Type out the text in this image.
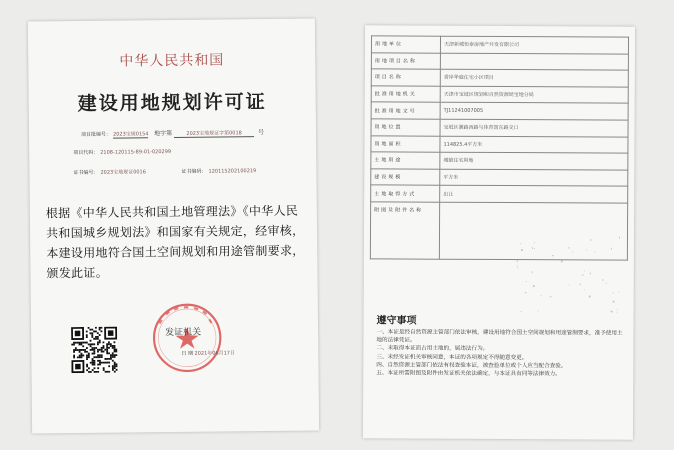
中华人民共和国
建设用地规划许可证
项目批编号： 2023宝规0154 地字第	2023宝地规证字第0018	号
项目代码： 2108-120115-89-01-020299
证书编号： 2023宝地规证0016	证书编码： 120115202100219
根据《中华人民共和国土地管理法》《中华人民共和国城乡规划法》和国家有关规定，经审核，本建设用地符合国土空间规划和用途管制要求，颁发此证。
发证机关
日 期 2021年06月17日
用地单位	天津新城恒泰房地产开发有限公司
用地项目名称	
项目名称	香岸华庭住宅小区项目
批准用地机关	天津市宝坻区规划和自然资源局宝地分局
批准用地文号	TJ11241007005
用地位置	宝坻区潮路西路与体育馆东路交口
用地面积	114825.4平方米
土地用途	城镇住宅用地
建设规模	平方米
土地取得方式	出让
附图及附件名称	
遵守事项
一、本证是经自然资源主管部门依法审核，建设用地符合国土空间规划和用途管制要求，准予使用土地的法律凭证。
二、未取得本证而占用土地的，属违法行为。
三、未经发证机关审核同意，本证的各项规定不得随意变更。
四、自然资源主管部门依法有权查验本证，被查验单位或个人应当配合查验。
五、本证所需附图及附件由发证机关依法确定，与本证具有同等法律效力。
